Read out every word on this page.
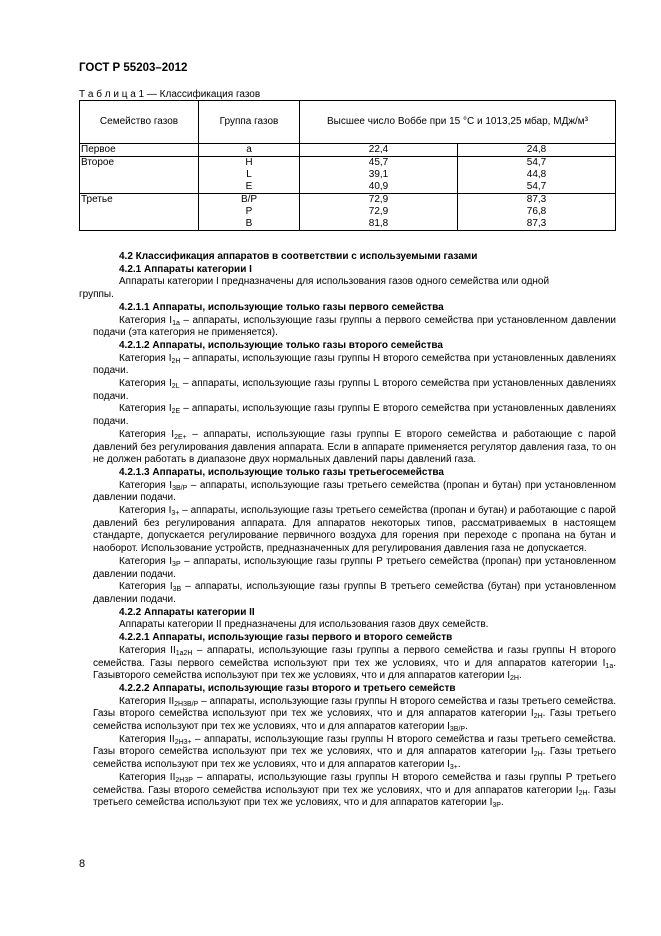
ГОСТ Р 55203–2012
Т а б л и ц а 1 — Классификация газов
Семейство газов	Группа газов	Высшее число Воббе при 15 °C и 1013,25 мбар, МДж/м³	
Первое	a	22,4	24,8
Второе	H	45,7	54,7
	L	39,1	44,8
	E	40,9	54,7
Третье	B/P	72,9	87,3
	P	72,9	76,8
	B	81,8	87,3

4.2 Классификация аппаратов в соответствии с используемыми газами

4.2.1 Аппараты категории I

Аппараты категории I предназначены для использования газов одного семейства или одной

группы.

4.2.1.1 Аппараты, использующие только газы первого семейства

Категория $I_{1a}$ – аппараты, использующие газы группы а первого семейства при установленном давлении подачи (эта категория не применяется).

4.2.1.2 Аппараты, использующие только газы второго семейства

Категория $I_{2H}$ – аппараты, использующие газы группы H второго семейства при установленных давлениях подачи.

Категория $I_{2L}$ – аппараты, использующие газы группы L второго семейства при установленных давлениях подачи.

Категория $I_{2E}$ – аппараты, использующие газы группы E второго семейства при установленных давлениях подачи.

Категория $I_{2E+}$ – аппараты, использующие газы группы E второго семейства и работающие с парой давлений без регулирования давления аппарата. Если в аппарате применяется регулятор давления газа, то он не должен работать в диапазоне двух нормальных давлений пары давлений газа.

4.2.1.3 Аппараты, использующие только газы третьегосемейства

Категория $I_{3B/P}$ – аппараты, использующие газы третьего семейства (пропан и бутан) при установленном давлении подачи.

Категория $I_{3+}$ – аппараты, использующие газы третьего семейства (пропан и бутан) и работающие с парой давлений без регулирования аппарата. Для аппаратов некоторых типов, рассматриваемых в настоящем стандарте, допускается регулирование первичного воздуха для горения при переходе с пропана на бутан и наоборот. Использование устройств, предназначенных для регулирования давления газа не допускается.

Категория $I_{3P}$ – аппараты, использующие газы группы P третьего семейства (пропан) при установленном давлении подачи.

Категория $I_{3B}$ – аппараты, использующие газы группы B третьего семейства (бутан) при установленном давлении подачи.

4.2.2 Аппараты категории II

Аппараты категории II предназначены для использования газов двух семейств.

4.2.2.1 Аппараты, использующие газы первого и второго семейств

Категория $II_{1a2H}$ – аппараты, использующие газы группы а первого семейства и газы группы H второго семейства. Газы первого семейства используют при тех же условиях, что и для аппаратов категории $I_{1a}$. Газывторого семейства используют при тех же условиях, что и для аппаратов категории $I_{2H}$.

4.2.2.2 Аппараты, использующие газы второго и третьего семейств

Категория $II_{2H3B/P}$ – аппараты, использующие газы группы H второго семейства и газы третьего семейства. Газы второго семейства используют при тех же условиях, что и для аппаратов категории $I_{2H}$. Газы третьего семейства используют при тех же условиях, что и для аппаратов категории $I_{3B/P}$.

Категория $II_{2H3+}$ – аппараты, использующие газы группы H второго семейства и газы третьего семейства. Газы второго семейства используют при тех же условиях, что и для аппаратов категории $I_{2H}$. Газы третьего семейства используют при тех же условиях, что и для аппаратов категории $I_{3+}$.

Категория $II_{2H3P}$ – аппараты, использующие газы группы H второго семейства и газы группы P третьего семейства. Газы второго семейства используют при тех же условиях, что и для аппаратов категории $I_{2H}$. Газы третьего семейства используют при тех же условиях, что и для аппаратов категории $I_{3P}$.

8
